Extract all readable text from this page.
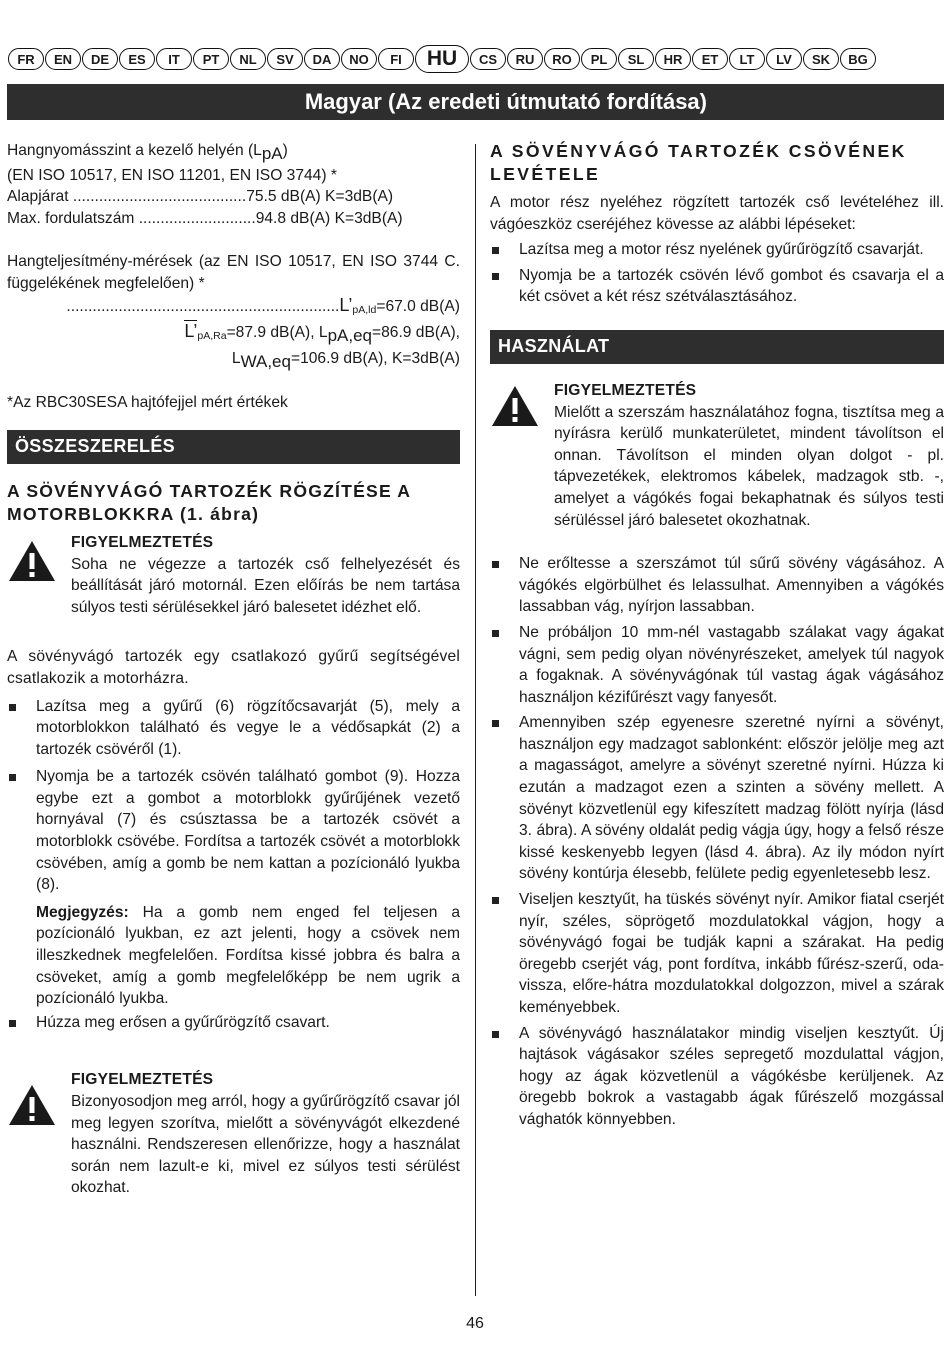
FR	EN	DE	ES	IT	PT	NL	SV	DA	NO	FI	HU	CS	RU	RO	PL	SL	HR	ET	LT	LV	SK	BG
Magyar (Az eredeti útmutató fordítása)

Hangnyomásszint a kezelő helyén (LpA)

(EN ISO 10517, EN ISO 11201, EN ISO 3744) *

Alapjárat ........................................75.5 dB(A) K=3dB(A)

Max. fordulatszám ...........................94.8 dB(A) K=3dB(A)

Hangteljesítmény-mérések (az EN ISO 10517, EN ISO 3744 C. függelékének megfelelően) *

...............................................................L’pA,ld=67.0 dB(A)

L’pA,Ra=87.9 dB(A), LpA,eq=86.9 dB(A),

LWA,eq=106.9 dB(A), K=3dB(A)

*Az RBC30SESA hajtófejjel mért értékek

ÖSSZESZERELÉS

A SÖVÉNYVÁGÓ TARTOZÉK RÖGZÍTÉSE A MOTORBLOKKRA (1. ábra)

FIGYELMEZTETÉS

Soha ne végezze a tartozék cső felhelyezését és beállítását járó motornál. Ezen előírás be nem tartása súlyos testi sérülésekkel járó balesetet idézhet elő.

A sövényvágó tartozék egy csatlakozó gyűrű segítségével csatlakozik a motorházra.

Lazítsa meg a gyűrű (6) rögzítőcsavarját (5), mely a motorblokkon található és vegye le a védősapkát (2) a tartozék csövéről (1).
Nyomja be a tartozék csövén található gombot (9). Hozza egybe ezt a gombot a motorblokk gyűrűjének vezető hornyával (7) és csúsztassa be a tartozék csövét a motorblokk csövébe. Fordítsa a tartozék csövét a motorblokk csövében, amíg a gomb be nem kattan a pozícionáló lyukba (8).

Megjegyzés: Ha a gomb nem enged fel teljesen a pozícionáló lyukban, ez azt jelenti, hogy a csövek nem illeszkednek megfelelően. Fordítsa kissé jobbra és balra a csöveket, amíg a gomb megfelelőképp be nem ugrik a pozícionáló lyukba.

Húzza meg erősen a gyűrűrögzítő csavart.

FIGYELMEZTETÉS

Bizonyosodjon meg arról, hogy a gyűrűrögzítő csavar jól meg legyen szorítva, mielőtt a sövényvágót elkezdené használni. Rendszeresen ellenőrizze, hogy a használat során nem lazult-e ki, mivel ez súlyos testi sérülést okozhat.

A SÖVÉNYVÁGÓ TARTOZÉK CSÖVÉNEK LEVÉTELE

A motor rész nyeléhez rögzített tartozék cső levételéhez ill. vágóeszköz cseréjéhez kövesse az alábbi lépéseket:

Lazítsa meg a motor rész nyelének gyűrűrögzítő csavarját.
Nyomja be a tartozék csövén lévő gombot és csavarja el a két csövet a két rész szétválasztásához.
HASZNÁLAT

FIGYELMEZTETÉS

Mielőtt a szerszám használatához fogna, tisztítsa meg a nyírásra kerülő munkaterületet, mindent távolítson el onnan. Távolítson el minden olyan dolgot - pl. tápvezetékek, elektromos kábelek, madzagok stb. -, amelyet a vágókés fogai bekaphatnak és súlyos testi sérüléssel járó balesetet okozhatnak.

Ne erőltesse a szerszámot túl sűrű sövény vágásához. A vágókés elgörbülhet és lelassulhat. Amennyiben a vágókés lassabban vág, nyírjon lassabban.
Ne próbáljon 10 mm-nél vastagabb szálakat vagy ágakat vágni, sem pedig olyan növényrészeket, amelyek túl nagyok a fogaknak. A sövényvágónak túl vastag ágak vágásához használjon kézifűrészt vagy fanyesőt.
Amennyiben szép egyenesre szeretné nyírni a sövényt, használjon egy madzagot sablonként: először jelölje meg azt a magasságot, amelyre a sövényt szeretné nyírni. Húzza ki ezután a madzagot ezen a szinten a sövény mellett. A sövényt közvetlenül egy kifeszített madzag fölött nyírja (lásd 3. ábra). A sövény oldalát pedig vágja úgy, hogy a felső része kissé keskenyebb legyen (lásd 4. ábra). Az ily módon nyírt sövény kontúrja élesebb, felülete pedig egyenletesebb lesz.
Viseljen kesztyűt, ha tüskés sövényt nyír. Amikor fiatal cserjét nyír, széles, söprögető mozdulatokkal vágjon, hogy a sövényvágó fogai be tudják kapni a szárakat. Ha pedig öregebb cserjét vág, pont fordítva, inkább fűrész-szerű, oda-vissza, előre-hátra mozdulatokkal dolgozzon, mivel a szárak keményebbek.
A sövényvágó használatakor mindig viseljen kesztyűt. Új hajtások vágásakor széles sepregető mozdulattal vágjon, hogy az ágak közvetlenül a vágókésbe kerüljenek. Az öregebb bokrok a vastagabb ágak fűrészelő mozgással vághatók könnyebben.
46
